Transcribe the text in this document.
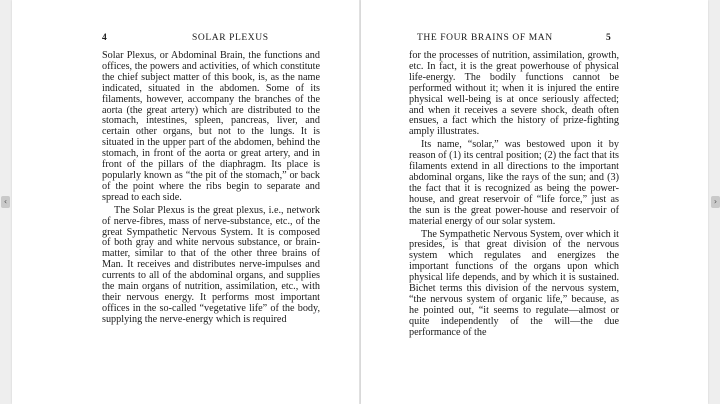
4	SOLAR PLEXUS

Solar Plexus, or Abdominal Brain, the functions and offices, the powers and activities, of which constitute the chief subject matter of this book, is, as the name indicated, situated in the abdomen. Some of its filaments, however, accompany the branches of the aorta (the great artery) which are distributed to the stomach, intestines, spleen, pancreas, liver, and certain other organs, but not to the lungs. It is situated in the upper part of the abdomen, behind the stomach, in front of the aorta or great artery, and in front of the pillars of the diaphragm. Its place is popularly known as “the pit of the stomach,” or back of the point where the ribs begin to separate and spread to each side.

The Solar Plexus is the great plexus, i.e., network of nerve-fibres, mass of nerve-substance, etc., of the great Sympathetic Nervous System. It is composed of both gray and white nervous substance, or brain-matter, similar to that of the other three brains of Man. It receives and distributes nerve-impulses and currents to all of the abdominal organs, and supplies the main organs of nutrition, assimilation, etc., with their nervous energy. It performs most important offices in the so-called “vegetative life” of the body, supplying the nerve-energy which is required

THE FOUR BRAINS OF MAN	5

for the processes of nutrition, assimilation, growth, etc. In fact, it is the great powerhouse of physical life-energy. The bodily functions cannot be performed without it; when it is injured the entire physical well-being is at once seriously affected; and when it receives a severe shock, death often ensues, a fact which the history of prize-fighting amply illustrates.

Its name, “solar,” was bestowed upon it by reason of (1) its central position; (2) the fact that its filaments extend in all directions to the important abdominal organs, like the rays of the sun; and (3) the fact that it is recognized as being the power-house, and great reservoir of “life force,” just as the sun is the great power-house and reservoir of material energy of our solar system.

The Sympathetic Nervous System, over which it presides, is that great division of the nervous system which regulates and energizes the important functions of the organs upon which physical life depends, and by which it is sustained. Bichet terms this division of the nervous system, “the nervous system of organic life,” because, as he pointed out, “it seems to regulate—almost or quite independently of the will—the due performance of the

‹	›
